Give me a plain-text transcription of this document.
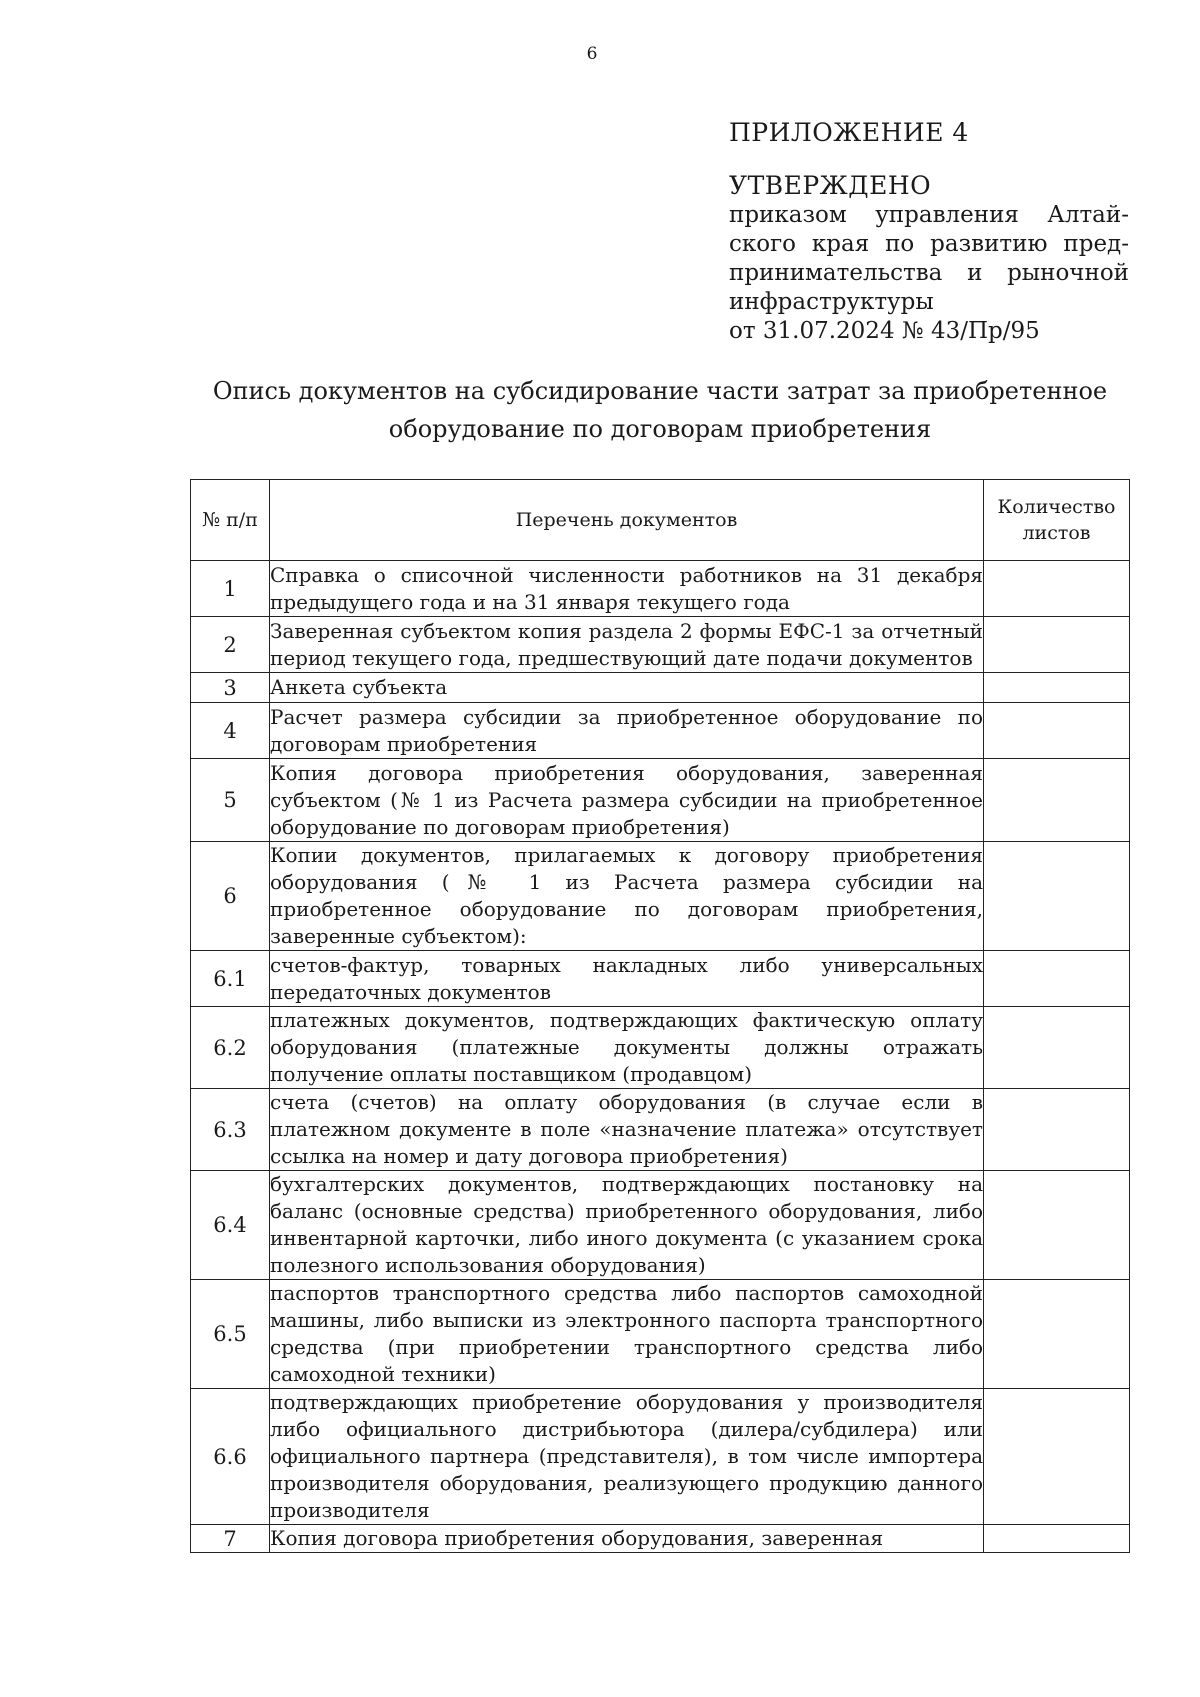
6

ПРИЛОЖЕНИЕ 4

УТВЕРЖДЕНО

приказом управления Алтайского края по развитию предпринимательства и рыночной инфраструктуры

от 31.07.2024 № 43/Пр/95

Опись документов на субсидирование части затрат за приобретенное
оборудование по договорам приобретения
№ п/п	Перечень документов	Количество листов
1	Справка о списочной численности работников на 31 декабря предыдущего года и на 31 января текущего года	
2	Заверенная субъектом копия раздела 2 формы ЕФС-1 за отчетный период текущего года, предшествующий дате подачи документов	
3	Анкета субъекта	
4	Расчет размера субсидии за приобретенное оборудование по договорам приобретения	
5	Копия договора приобретения оборудования, заверенная субъектом (№ 1 из Расчета размера субсидии на приобретенное оборудование по договорам приобретения)	
6	Копии документов, прилагаемых к договору приобретения оборудования (№ 1 из Расчета размера субсидии на приобретенное оборудование по договорам приобретения, заверенные субъектом):	
6.1	счетов-фактур, товарных накладных либо универсальных передаточных документов	
6.2	платежных документов, подтверждающих фактическую оплату оборудования (платежные документы должны отражать получение оплаты поставщиком (продавцом)	
6.3	счета (счетов) на оплату оборудования (в случае если в платежном документе в поле «назначение платежа» отсутствует ссылка на номер и дату договора приобретения)	
6.4	бухгалтерских документов, подтверждающих постановку на баланс (основные средства) приобретенного оборудования, либо инвентарной карточки, либо иного документа (с указанием срока полезного использования оборудования)	
6.5	паспортов транспортного средства либо паспортов самоходной машины, либо выписки из электронного паспорта транспортного средства (при приобретении транспортного средства либо самоходной техники)	
6.6	подтверждающих приобретение оборудования у производителя либо официального дистрибьютора (дилера/субдилера) или официального партнера (представителя), в том числе импортера производителя оборудования, реализующего продукцию данного производителя	
7	Копия договора приобретения оборудования, заверенная	
